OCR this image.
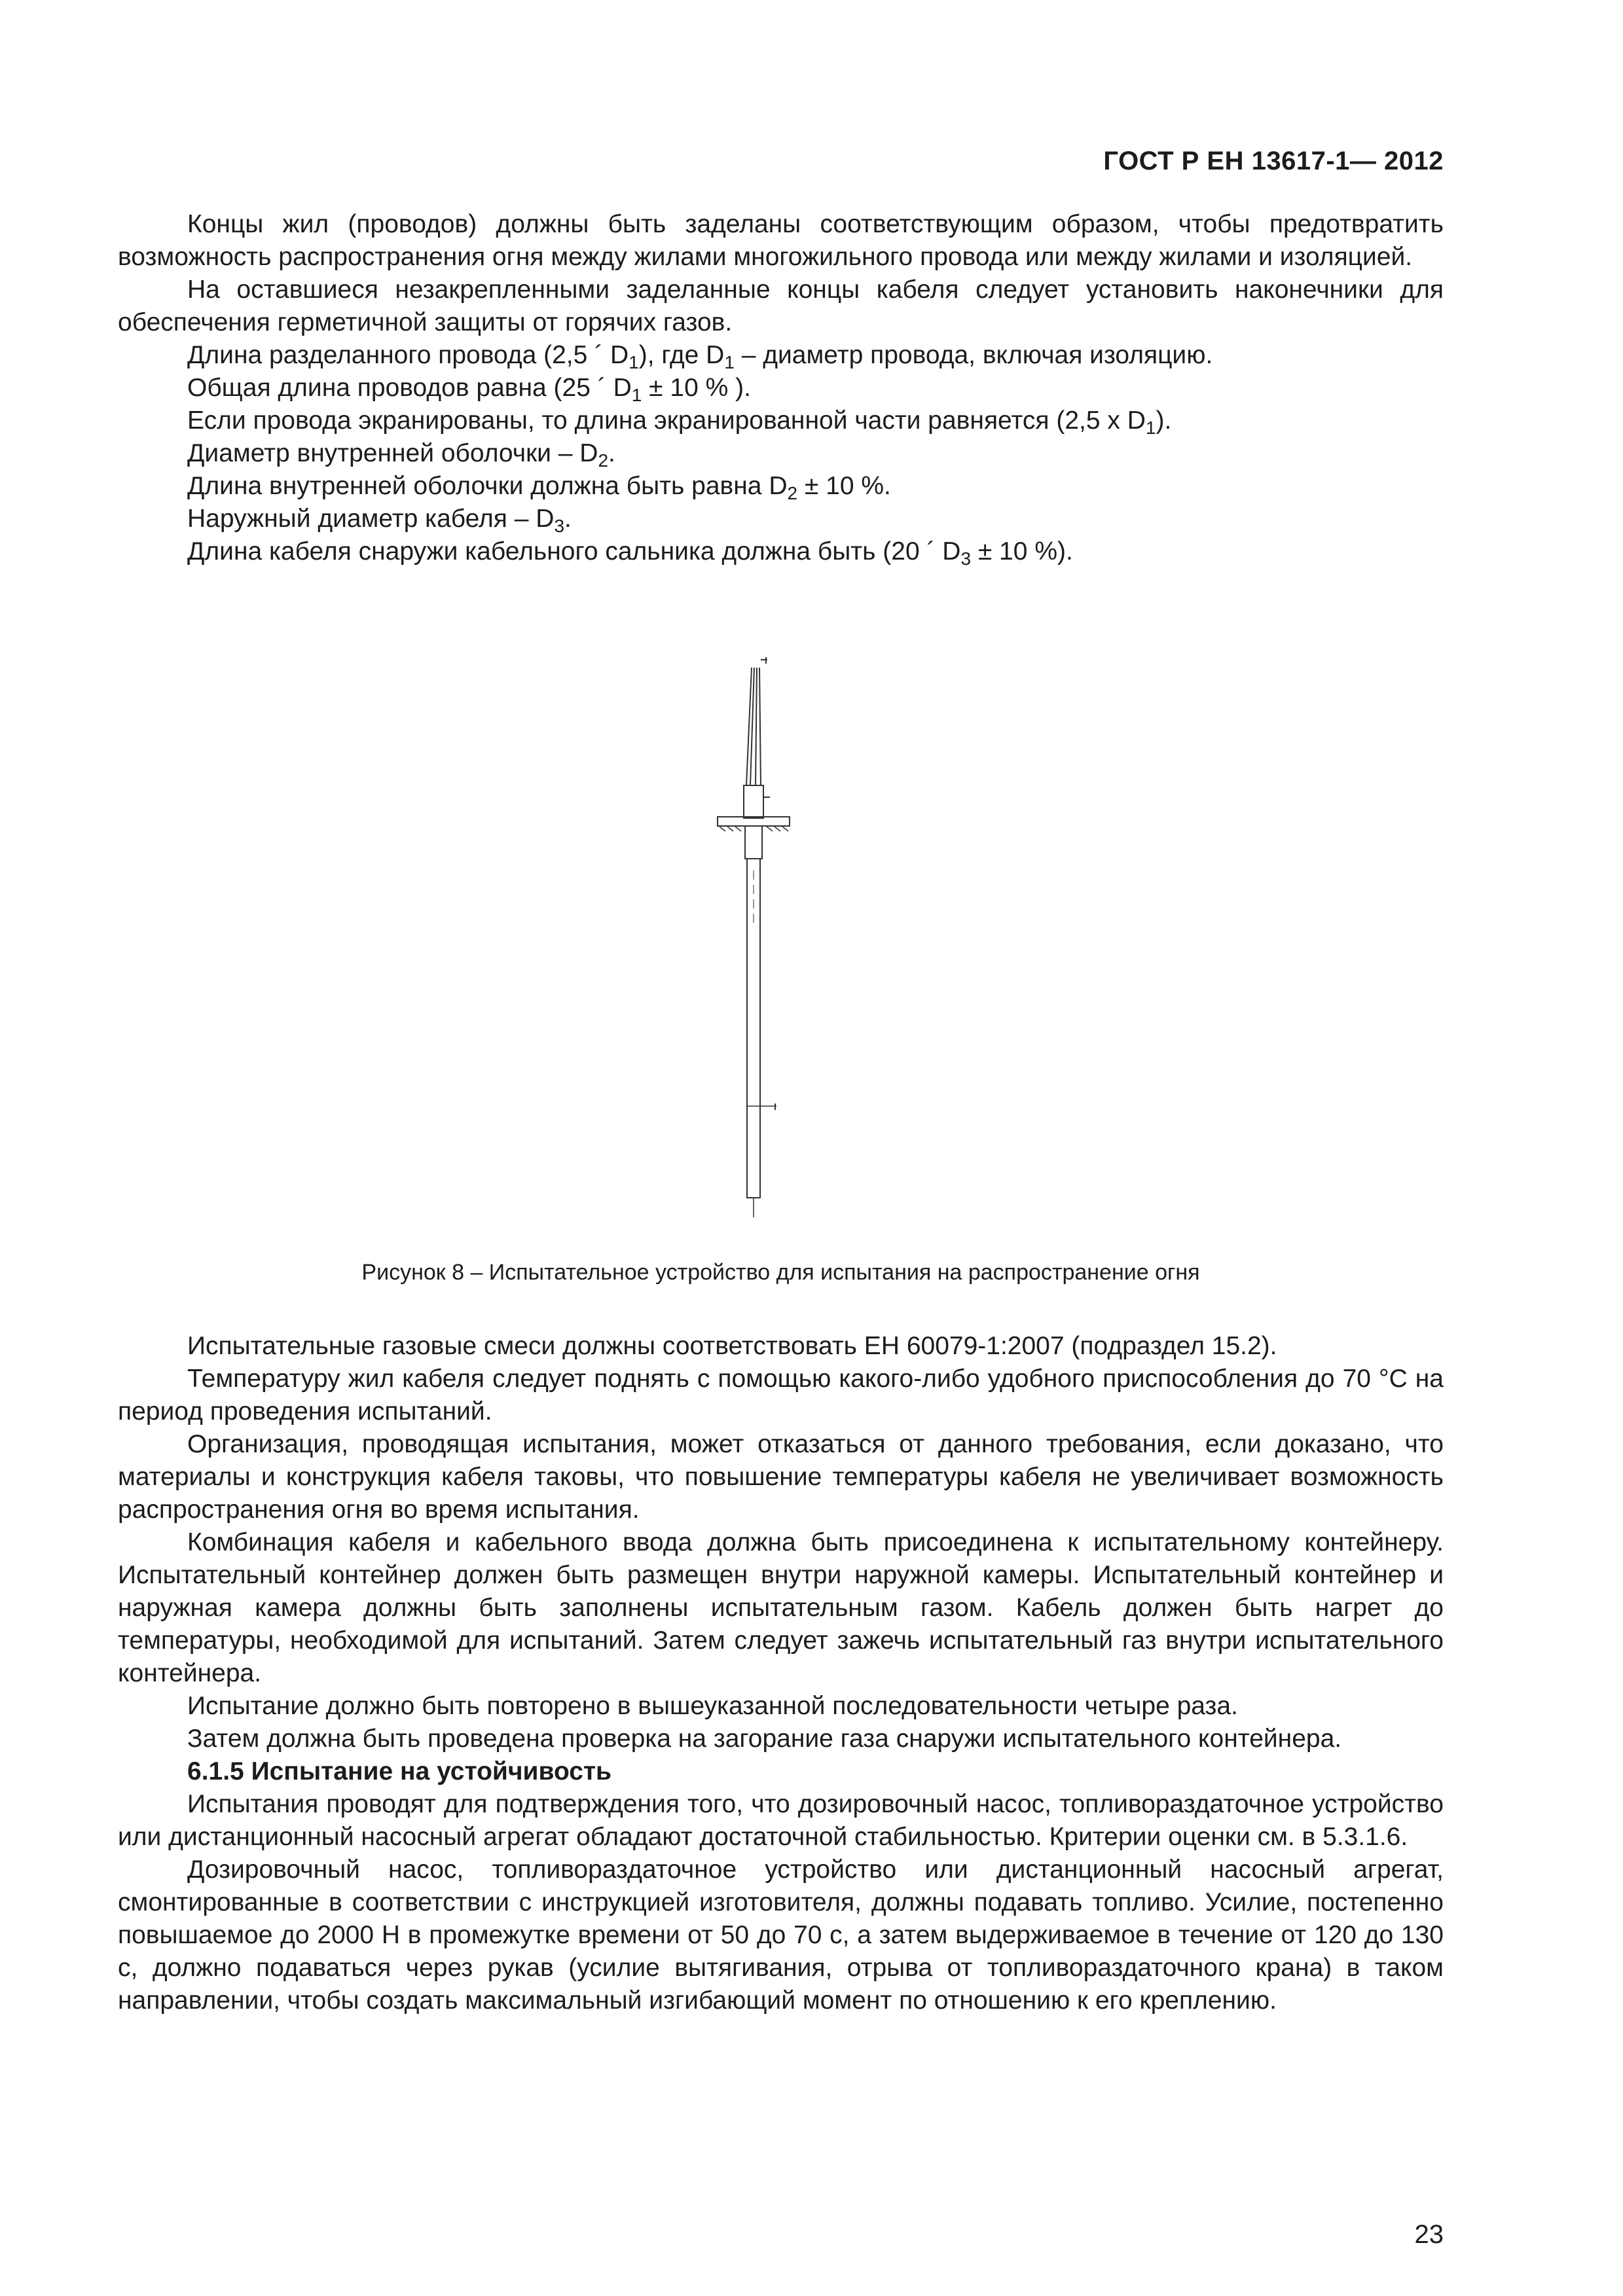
ГОСТ Р ЕН 13617-1— 2012

Концы жил (проводов) должны быть заделаны соответствующим образом, чтобы предотвратить возможность распространения огня между жилами многожильного провода или между жилами и изоляцией.

На оставшиеся незакрепленными заделанные концы кабеля следует установить наконечники для обеспечения герметичной защиты от горячих газов.

Длина разделанного провода (2,5 ´ $D_1$), где $D_1$ – диаметр провода, включая изоляцию.

Общая длина проводов равна (25 ´ $D_1 \pm 10$ % ).

Если провода экранированы, то длина экранированной части равняется (2,5 х $D_1$).

Диаметр внутренней оболочки – $D_2$.

Длина внутренней оболочки должна быть равна $D_2 \pm 10$ %.

Наружный диаметр кабеля – $D_3$.

Длина кабеля снаружи кабельного сальника должна быть (20 ´ $D_3 \pm 10$ %).

Рисунок 8 – Испытательное устройство для испытания на распространение огня

Испытательные газовые смеси должны соответствовать ЕН 60079-1:2007 (подраздел 15.2).

Температуру жил кабеля следует поднять с помощью какого-либо удобного приспособления до 70 °С на период проведения испытаний.

Организация, проводящая испытания, может отказаться от данного требования, если доказано, что материалы и конструкция кабеля таковы, что повышение температуры кабеля не увеличивает возможность распространения огня во время испытания.

Комбинация кабеля и кабельного ввода должна быть присоединена к испытательному контейнеру. Испытательный контейнер должен быть размещен внутри наружной камеры. Испытательный контейнер и наружная камера должны быть заполнены испытательным газом. Кабель должен быть нагрет до температуры, необходимой для испытаний. Затем следует зажечь испытательный газ внутри испытательного контейнера.

Испытание должно быть повторено в вышеуказанной последовательности четыре раза.

Затем должна быть проведена проверка на загорание газа снаружи испытательного контейнера.

6.1.5 Испытание на устойчивость

Испытания проводят для подтверждения того, что дозировочный насос, топливораздаточное устройство или дистанционный насосный агрегат обладают достаточной стабильностью. Критерии оценки см. в 5.3.1.6.

Дозировочный насос, топливораздаточное устройство или дистанционный насосный агрегат, смонтированные в соответствии с инструкцией изготовителя, должны подавать топливо. Усилие, постепенно повышаемое до 2000 Н в промежутке времени от 50 до 70 с, а затем выдерживаемое в течение от 120 до 130 с, должно подаваться через рукав (усилие вытягивания, отрыва от топливораздаточного крана) в таком направлении, чтобы создать максимальный изгибающий момент по отношению к его креплению.

23
